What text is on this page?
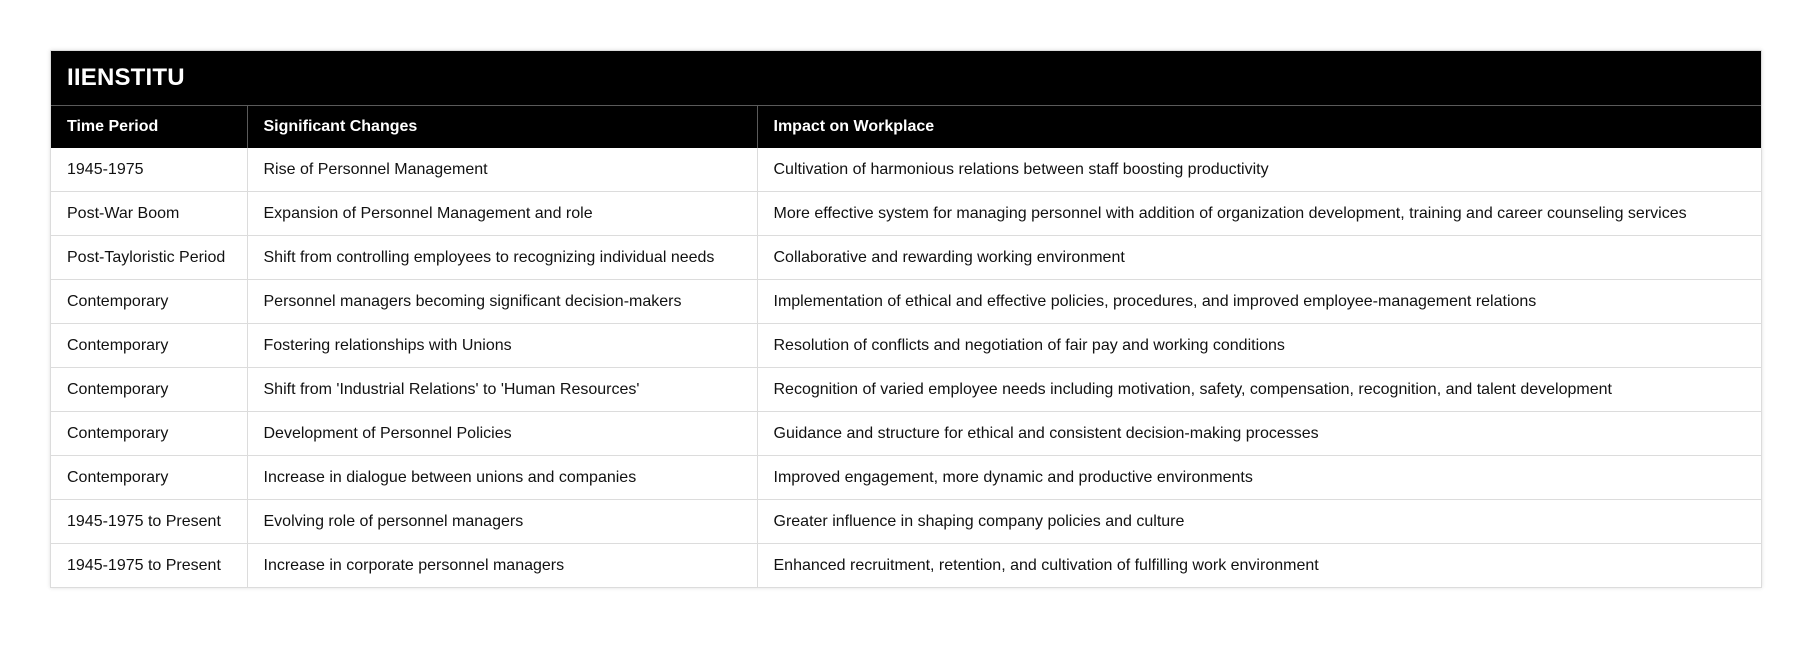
IIENSTITU
Time Period	Significant Changes	Impact on Workplace
1945-1975	Rise of Personnel Management	Cultivation of harmonious relations between staff boosting productivity
Post-War Boom	Expansion of Personnel Management and role	More effective system for managing personnel with addition of organization development, training and career counseling services
Post-Tayloristic Period	Shift from controlling employees to recognizing individual needs	Collaborative and rewarding working environment
Contemporary	Personnel managers becoming significant decision-makers	Implementation of ethical and effective policies, procedures, and improved employee-management relations
Contemporary	Fostering relationships with Unions	Resolution of conflicts and negotiation of fair pay and working conditions
Contemporary	Shift from 'Industrial Relations' to 'Human Resources'	Recognition of varied employee needs including motivation, safety, compensation, recognition, and talent development
Contemporary	Development of Personnel Policies	Guidance and structure for ethical and consistent decision-making processes
Contemporary	Increase in dialogue between unions and companies	Improved engagement, more dynamic and productive environments
1945-1975 to Present	Evolving role of personnel managers	Greater influence in shaping company policies and culture
1945-1975 to Present	Increase in corporate personnel managers	Enhanced recruitment, retention, and cultivation of fulfilling work environment
